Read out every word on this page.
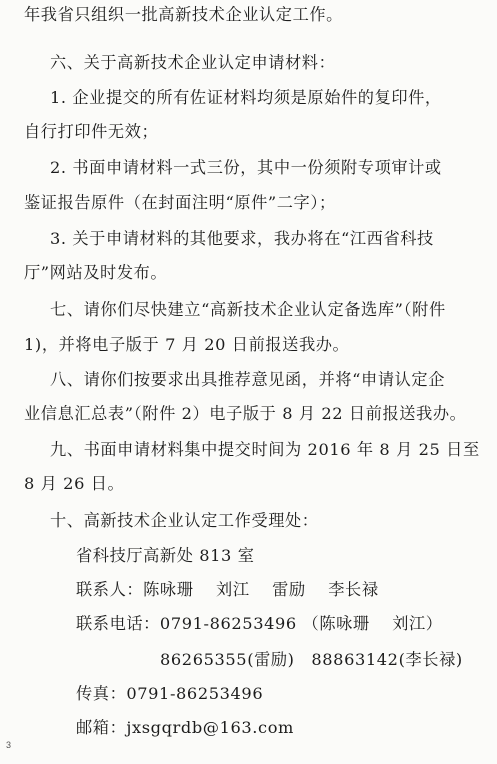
年我省只组织一批高新技术企业认定工作。
六、关于高新技术企业认定申请材料：
1. 企业提交的所有佐证材料均须是原始件的复印件，
自行打印件无效；
2. 书面申请材料一式三份，其中一份须附专项审计或
鉴证报告原件（在封面注明“原件”二字）；
3. 关于申请材料的其他要求，我办将在“江西省科技
厅”网站及时发布。
七、请你们尽快建立“高新技术企业认定备选库”（附件
1)，并将电子版于 7 月 20 日前报送我办。
八、请你们按要求出具推荐意见函，并将“申请认定企
业信息汇总表”（附件 2）电子版于 8 月 22 日前报送我办。
九、书面申请材料集中提交时间为 2016 年 8 月 25 日至
8 月 26 日。
十、高新技术企业认定工作受理处：
省科技厅高新处 813 室
联系人：陈咏珊　 刘江　 雷励　 李长禄
联系电话：0791-86253496 （陈咏珊　 刘江）
86265355(雷励)　88863142(李长禄)
传真：0791-86253496
邮箱：jxsgqrdb@163.com
3
